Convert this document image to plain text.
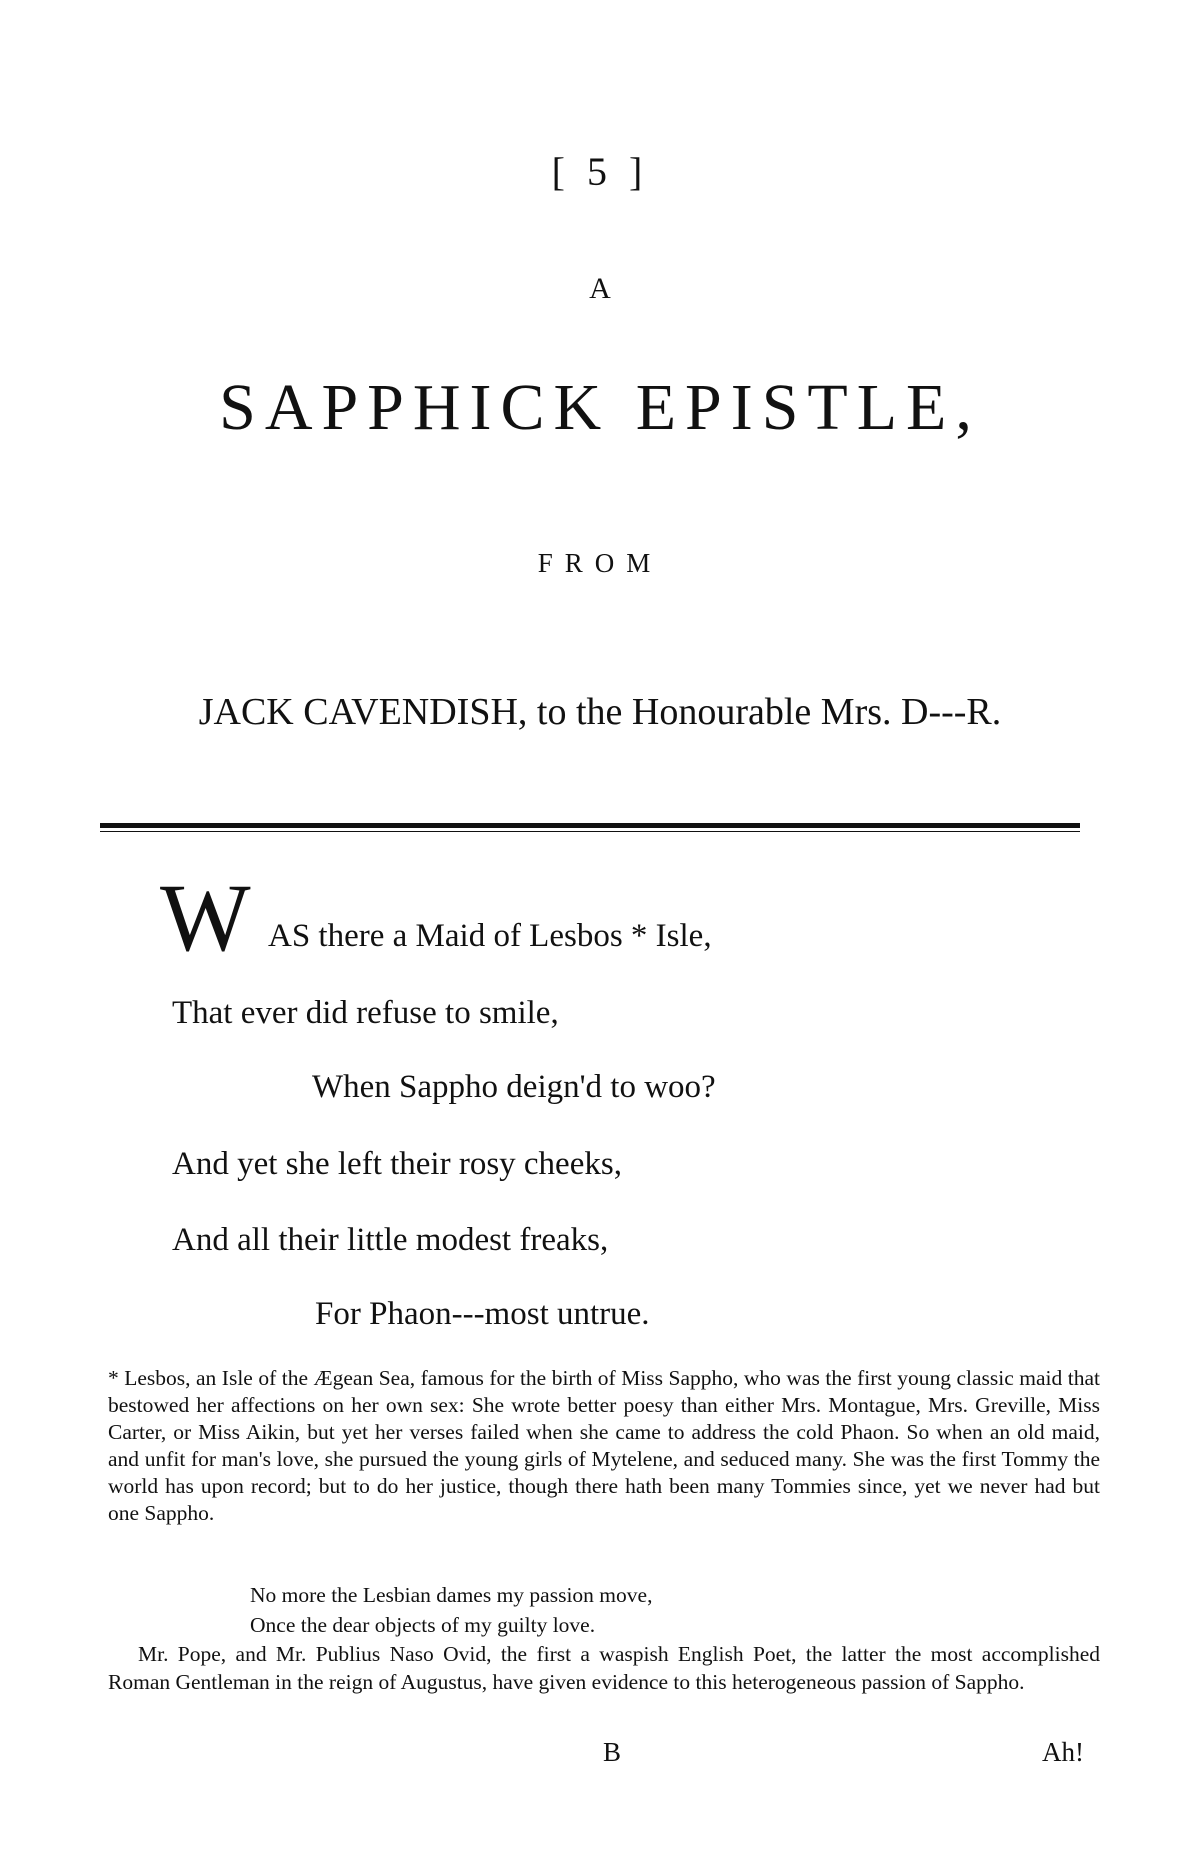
[ 5 ]
A
SAPPHICK EPISTLE,
FROM
JACK CAVENDISH, to the Honourable Mrs. D---R.
W AS there a Maid of Lesbos * Isle,
That ever did refuse to smile,
When Sappho deign'd to woo?
And yet she left their rosy cheeks,
And all their little modest freaks,
For Phaon---most untrue.

* Lesbos, an Isle of the Ægean Sea, famous for the birth of Miss Sappho, who was the first young classic maid that bestowed her affections on her own sex: She wrote better poesy than either Mrs. Montague, Mrs. Greville, Miss Carter, or Miss Aikin, but yet her verses failed when she came to address the cold Phaon. So when an old maid, and unfit for man's love, she pursued the young girls of Mytelene, and seduced many. She was the first Tommy the world has upon record; but to do her justice, though there hath been many Tommies since, yet we never had but one Sappho.

No more the Lesbian dames my passion move,
Once the dear objects of my guilty love.
Mr. Pope, and Mr. Publius Naso Ovid, the first a waspish English Poet, the latter the most accomplished Roman Gentleman in the reign of Augustus, have given evidence to this heterogeneous passion of Sappho.
B	Ah!
